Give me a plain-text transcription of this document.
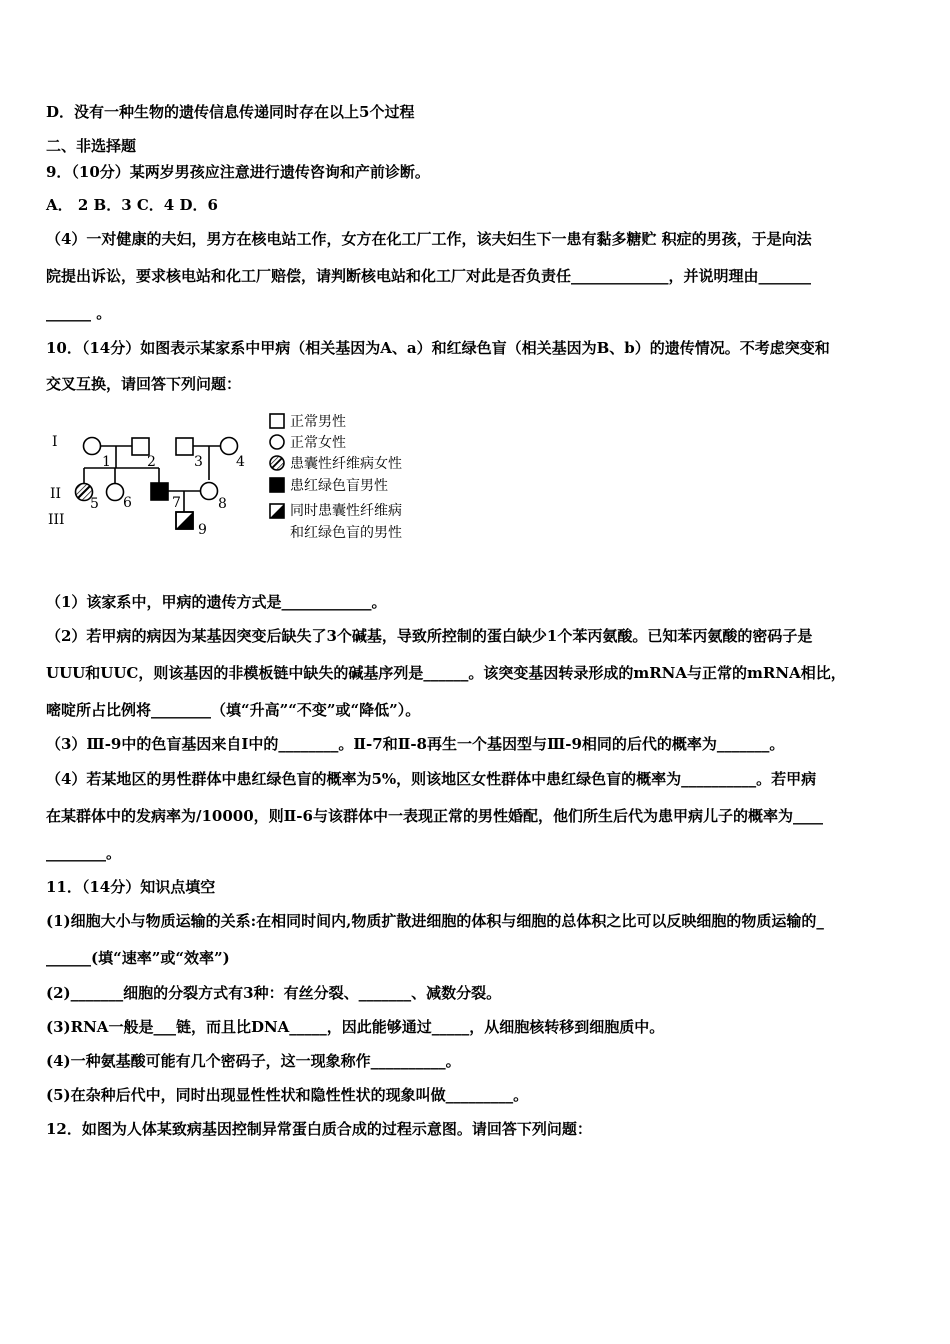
D．没有一种生物的遗传信息传递同时存在以上5个过程
二、非选择题
9．（10分）某两岁男孩应注意进行遗传咨询和产前诊断。
A． 2 B．3 C．4 D．6
（4）一对健康的夫妇，男方在核电站工作，女方在化工厂工作，该夫妇生下一患有黏多糖贮 积症的男孩，于是向法
院提出诉讼，要求核电站和化工厂赔偿，请判断核电站和化工厂对此是否负责任_____________，并说明理由_______
______ 。
10．（14分）如图表示某家系中甲病（相关基因为A、a）和红绿色盲（相关基因为B、b）的遗传情况。不考虑突变和
交叉互换，请回答下列问题：
I
II
III
1	2	3 4
5 6	7	8
9
正常男性
正常女性
患囊性纤维病女性
患红绿色盲男性
同时患囊性纤维病
和红绿色盲的男性
（1）该家系中，甲病的遗传方式是____________。
（2）若甲病的病因为某基因突变后缺失了3个碱基，导致所控制的蛋白缺少1个苯丙氨酸。已知苯丙氨酸的密码子是
UUU和UUC，则该基因的非模板链中缺失的碱基序列是______。该突变基因转录形成的mRNA与正常的mRNA相比，
嘧啶所占比例将________（填“升高”“不变”或“降低”）。
（3）Ⅲ-9中的色盲基因来自Ⅰ中的________。Ⅱ-7和Ⅱ-8再生一个基因型与Ⅲ-9相同的后代的概率为_______。
（4）若某地区的男性群体中患红绿色盲的概率为5%，则该地区女性群体中患红绿色盲的概率为__________。若甲病
在某群体中的发病率为/10000，则Ⅱ-6与该群体中一表现正常的男性婚配，他们所生后代为患甲病儿子的概率为____
________。
11．（14分）知识点填空
(1)细胞大小与物质运输的关系:在相同时间内,物质扩散进细胞的体积与细胞的总体积之比可以反映细胞的物质运输的_
______(填“速率”或“效率”)
(2)_______细胞的分裂方式有3种：有丝分裂、_______、减数分裂。
(3)RNA一般是___链，而且比DNA_____，因此能够通过_____，从细胞核转移到细胞质中。
(4)一种氨基酸可能有几个密码子，这一现象称作__________。
(5)在杂种后代中，同时出现显性性状和隐性性状的现象叫做_________。
12．如图为人体某致病基因控制异常蛋白质合成的过程示意图。请回答下列问题：
